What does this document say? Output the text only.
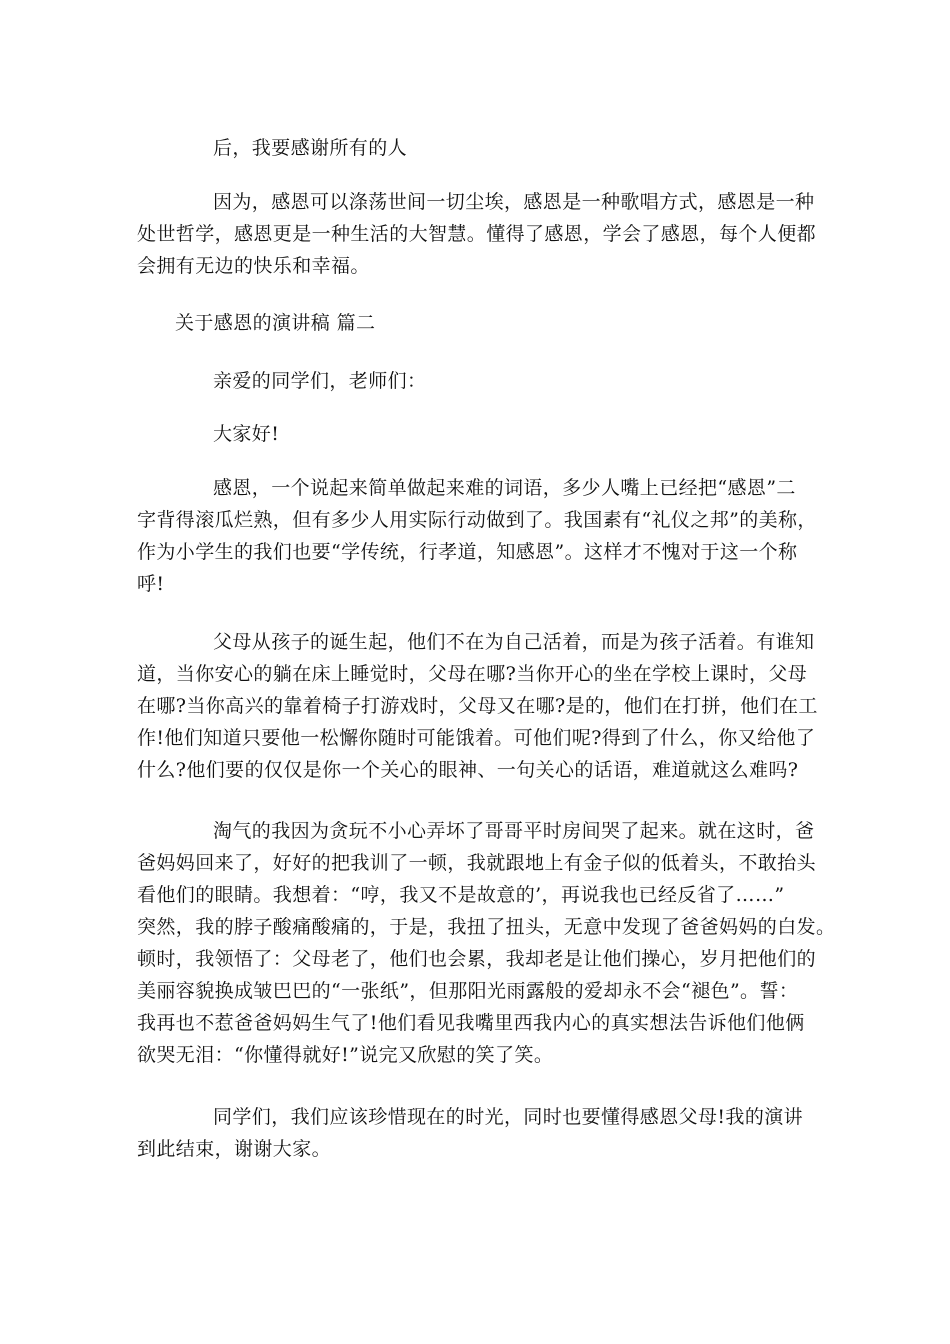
后，我要感谢所有的人
因为，感恩可以涤荡世间一切尘埃，感恩是一种歌唱方式，感恩是一种
处世哲学，感恩更是一种生活的大智慧。懂得了感恩，学会了感恩，每个人便都
会拥有无边的快乐和幸福。
关于感恩的演讲稿 篇二
亲爱的同学们，老师们：
大家好!
感恩，一个说起来简单做起来难的词语，多少人嘴上已经把“感恩”二
字背得滚瓜烂熟，但有多少人用实际行动做到了。我国素有“礼仪之邦”的美称，
作为小学生的我们也要“学传统，行孝道，知感恩”。这样才不愧对于这一个称
呼!
父母从孩子的诞生起，他们不在为自己活着，而是为孩子活着。有谁知
道，当你安心的躺在床上睡觉时，父母在哪?当你开心的坐在学校上课时，父母
在哪?当你高兴的靠着椅子打游戏时，父母又在哪?是的，他们在打拼，他们在工
作!他们知道只要他一松懈你随时可能饿着。可他们呢?得到了什么，你又给他了
什么?他们要的仅仅是你一个关心的眼神、一句关心的话语，难道就这么难吗?
淘气的我因为贪玩不小心弄坏了哥哥平时房间哭了起来。就在这时，爸
爸妈妈回来了，好好的把我训了一顿，我就跟地上有金子似的低着头，不敢抬头
看他们的眼睛。我想着：“哼，我又不是故意的’，再说我也已经反省了……”
突然，我的脖子酸痛酸痛的，于是，我扭了扭头，无意中发现了爸爸妈妈的白发。
顿时，我领悟了：父母老了，他们也会累，我却老是让他们操心，岁月把他们的
美丽容貌换成皱巴巴的“一张纸”，但那阳光雨露般的爱却永不会“褪色”。誓：
我再也不惹爸爸妈妈生气了!他们看见我嘴里西我内心的真实想法告诉他们他俩
欲哭无泪：“你懂得就好!”说完又欣慰的笑了笑。
同学们，我们应该珍惜现在的时光，同时也要懂得感恩父母!我的演讲
到此结束，谢谢大家。
